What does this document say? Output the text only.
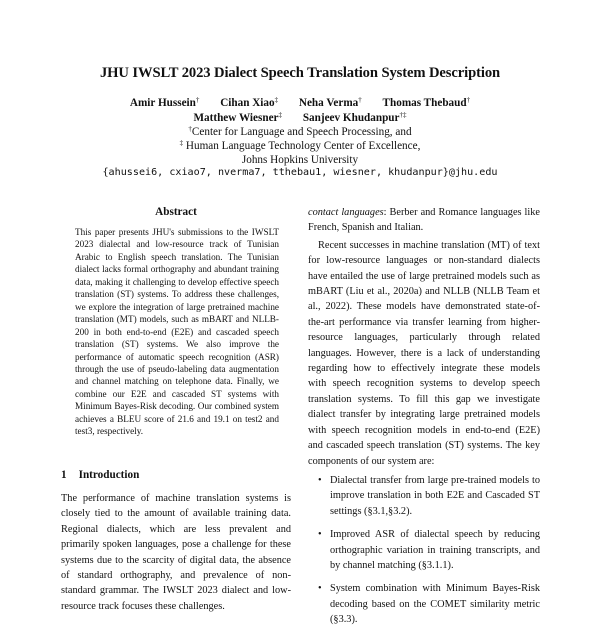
JHU IWSLT 2023 Dialect Speech Translation System Description
Amir Hussein† Cihan Xiao‡ Neha Verma† Thomas Thebaud†
Matthew Wiesner‡ Sanjeev Khudanpur†‡
†Center for Language and Speech Processing, and
‡ Human Language Technology Center of Excellence,
Johns Hopkins University
{ahussei6, cxiao7, nverma7, tthebau1, wiesner, khudanpur}@jhu.edu
Abstract
This paper presents JHU's submissions to the IWSLT 2023 dialectal and low-resource track of Tunisian Arabic to English speech translation. The Tunisian dialect lacks formal orthography and abundant training data, making it challenging to develop effective speech translation (ST) systems. To address these challenges, we explore the integration of large pretrained machine translation (MT) models, such as mBART and NLLB-200 in both end-to-end (E2E) and cascaded speech translation (ST) systems. We also improve the performance of automatic speech recognition (ASR) through the use of pseudo-labeling data augmentation and channel matching on telephone data. Finally, we combine our E2E and cascaded ST systems with Minimum Bayes-Risk decoding. Our combined system achieves a BLEU score of 21.6 and 19.1 on test2 and test3, respectively.
1 Introduction
The performance of machine translation systems is closely tied to the amount of available training data. Regional dialects, which are less prevalent and primarily spoken languages, pose a challenge for these systems due to the scarcity of digital data, the absence of standard orthography, and prevalence of non-standard grammar. The IWSLT 2023 dialect and low-resource track focuses these challenges.

contact languages: Berber and Romance languages like French, Spanish and Italian.

Recent successes in machine translation (MT) of text for low-resource languages or non-standard dialects have entailed the use of large pretrained models such as mBART (Liu et al., 2020a) and NLLB (NLLB Team et al., 2022). These models have demonstrated state-of-the-art performance via transfer learning from higher-resource languages, particularly through related languages. However, there is a lack of understanding regarding how to effectively integrate these models with speech recognition systems to develop speech translation systems. To fill this gap we investigate dialect transfer by integrating large pretrained models with speech recognition models in end-to-end (E2E) and cascaded speech translation (ST) systems. The key components of our system are:

• Dialectal transfer from large pre-trained models to improve translation in both E2E and Cascaded ST settings (§3.1,§3.2).
• Improved ASR of dialectal speech by reducing orthographic variation in training transcripts, and by channel matching (§3.1.1).
• System combination with Minimum Bayes-Risk decoding based on the COMET similarity metric (§3.3).
